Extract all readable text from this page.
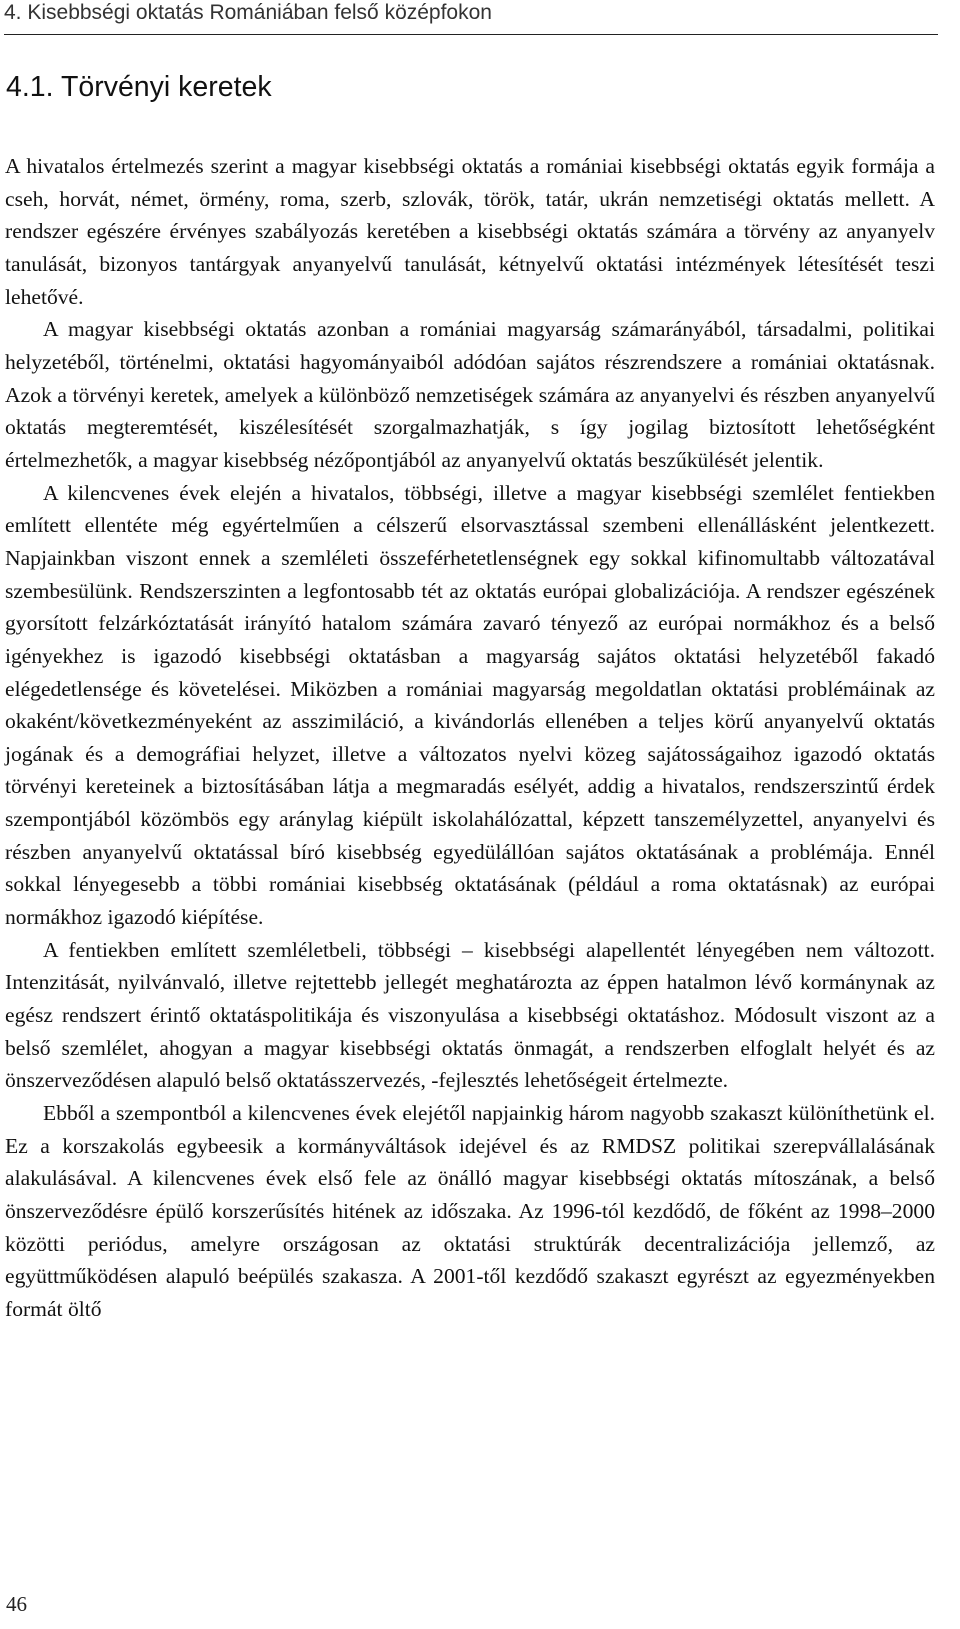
4. Kisebbségi oktatás Romániában felső középfokon
4.1. Törvényi keretek

A hivatalos értelmezés szerint a magyar kisebbségi oktatás a romániai kisebbségi oktatás egyik formája a cseh, horvát, német, örmény, roma, szerb, szlovák, török, tatár, ukrán nemzetiségi oktatás mellett. A rendszer egészére érvényes szabályozás keretében a kisebbségi oktatás számára a törvény az anyanyelv tanulását, bizonyos tantárgyak anyanyelvű tanulását, kétnyelvű oktatási intézmények létesítését teszi lehetővé.

A magyar kisebbségi oktatás azonban a romániai magyarság számarányából, társadalmi, politikai helyzetéből, történelmi, oktatási hagyományaiból adódóan sajátos részrendszere a romániai oktatásnak. Azok a törvényi keretek, amelyek a különböző nemzetiségek számára az anyanyelvi és részben anyanyelvű oktatás megteremtését, kiszélesítését szorgalmazhatják, s így jogilag biztosított lehetőségként értelmezhetők, a magyar kisebbség nézőpontjából az anyanyelvű oktatás beszűkülését jelentik.

A kilencvenes évek elején a hivatalos, többségi, illetve a magyar kisebbségi szemlélet fentiekben említett ellentéte még egyértelműen a célszerű elsorvasztással szembeni ellenállásként jelentkezett. Napjainkban viszont ennek a szemléleti összeférhetetlenségnek egy sokkal kifinomultabb változatával szembesülünk. Rendszerszinten a legfontosabb tét az oktatás európai globalizációja. A rendszer egészének gyorsított felzárkóztatását irányító hatalom számára zavaró tényező az európai normákhoz és a belső igényekhez is igazodó kisebbségi oktatásban a magyarság sajátos oktatási helyzetéből fakadó elégedetlensége és követelései. Miközben a romániai magyarság megoldatlan oktatási problémáinak az okaként/következményeként az asszimiláció, a kivándorlás ellenében a teljes körű anyanyelvű oktatás jogának és a demográfiai helyzet, illetve a változatos nyelvi közeg sajátosságaihoz igazodó oktatás törvényi kereteinek a biztosításában látja a megmaradás esélyét, addig a hivatalos, rendszerszintű érdek szempontjából közömbös egy aránylag kiépült iskolahálózattal, képzett tanszemélyzettel, anyanyelvi és részben anyanyelvű oktatással bíró kisebbség egyedülállóan sajátos oktatásának a problémája. Ennél sokkal lényegesebb a többi romániai kisebbség oktatásának (például a roma oktatásnak) az európai normákhoz igazodó kiépítése.

A fentiekben említett szemléletbeli, többségi – kisebbségi alapellentét lényegében nem változott. Intenzitását, nyilvánvaló, illetve rejtettebb jellegét meghatározta az éppen hatalmon lévő kormánynak az egész rendszert érintő oktatáspolitikája és viszonyulása a kisebbségi oktatáshoz. Módosult viszont az a belső szemlélet, ahogyan a magyar kisebbségi oktatás önmagát, a rendszerben elfoglalt helyét és az önszerveződésen alapuló belső oktatásszervezés, -fejlesztés lehetőségeit értelmezte.

Ebből a szempontból a kilencvenes évek elejétől napjainkig három nagyobb szakaszt különíthetünk el. Ez a korszakolás egybeesik a kormányváltások idejével és az RMDSZ politikai szerepvállalásának alakulásával. A kilencvenes évek első fele az önálló magyar kisebbségi oktatás mítoszának, a belső önszerveződésre épülő korszerűsítés hitének az időszaka. Az 1996-tól kezdődő, de főként az 1998–2000 közötti periódus, amelyre országosan az oktatási struktúrák decentralizációja jellemző, az együttműködésen alapuló beépülés szakasza. A 2001-től kezdődő szakaszt egyrészt az egyezményekben formát öltő

46
